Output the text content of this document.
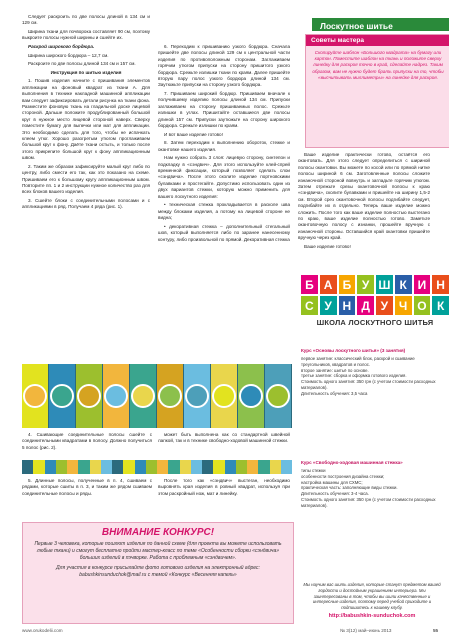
Лоскутное шитье

Следует раскроить по две полосы длиной в 134 см и 129 см.

Ширина ткани для почворока составляет 90 см, поэтому выкроите полосы нужной ширины и сшейте их.

Раскрой широкого бордюра.

Ширина широкого бордюра – 12,7 см.

Раскроите по две полосы длиной 134 см и 157 см.

Инструкция по шитью изделия

1. Пошив изделия начните с пришивания элементов аппликации на фоновый квадрат из ткани А. Для выполнения в технике накладной машинной аппликации вам следует зафиксировать детали рисунка на ткани фона. Разместите фоновую ткань на гладильной доске лицевой стороной. Дальше положите продублированный большой круг в нужное место лицевой стороной наверх. Сверху поместите бумагу для выпечки или мат для аппликации. Это необходимо сделать для того, чтобы не испачкать клеем утюг. Хорошо разогретым утюгом проглаживаем большой круг к фону. Даёте ткани остыть, и только после этого прикрепите большой круг к фону аппликационным швом.

2. Таким же образом зафиксируйте малый круг либо по центру, либо смести его так, как это показано на схеме. Пришиваем его к большому кругу аппликационным швом. Повторите пп. 1 и 2 инструкции нужное количество раз для всех блоков вашего изделия.

3. Сшейте блоки с соединительными полосами и с аппликациями в ряд. Получаем 4 ряда (рис. 1).

6. Переходим к пришиванию узкого бордюра. Сначала пришейте две полосы длиной 129 см к центральной части изделия по противоположным сторонам. Заглаживаем горячим утюгом припуски на сторону пришитого узкого бордюра. Срежьте излишки ткани по краям. Далее пришейте вторую пару полос узкого бордюра длиной 134 см. Заутюжьте припуски на сторону узкого бордюра.

7. Пришиваем широкий бордюр. Пришиваем вначале к получившему изделию полосы длиной 134 см. Припуски заглаживаем на сторону пришиваемых полос. Срежьте излишки в углах. Пришитайте оставшиеся две полосы длиной 157 см. Припуски заутюжьте на сторону широкого бордюра. Срежьте излишки по краям.

И вот ваше изделие готово!

8. Затем переходим к выполнению обороток, стежке и окантовке нашего изделия.

Нам нужно собрать 3 слоя: лицевую сторону, синтепон и подкладку в «сэндвич». Для этого используйте клей-спрей временной фиксации, который позволяет сделать слои «сэндвича». После этого сколите изделие портновскими булавками и простегайте. Допустимо использовать один из двух вариантов стежки, которую можно применить для вашего лоскутного изделия:

• техническая стежка прокладывается в расколе шва между блоками изделия, а потому на лицевой стороне не видна;

• декоративная стежка – дополнительный стегальный шов, который выполняется либо по заранее нанесенному контуру, либо произвольной по прямой. Декоративная стежка

Советы мастера
Скопируйте шаблон «Большого квадрата» на бумагу или картон. Поместите шаблон на ткань и положите сверху линейку для раскроя точно в край, сделайте надрез. Таким образом, вам не нужно будет брать припуски на то, чтобы «высчитывать миллиметры» на линейке для раскроя.

Ваше изделие практически готово, остаётся его окантовать. Для этого следует определиться с шириной полосы окантовки. Вы можете по косой или по прямой нитке полосы шириной 6 см. Заготовленные полосы сложите изнаночной стороной вовнутрь и загладьте горячим утюгом. Затем отрежьте срезы окантовочной полосы к краю «сэндвича», сколите булавками и пришейте на ширину 1,5-2 см. Второй срез окантовочной полосы подгибайте следует, подгибайте их в отдельно. Теперь ваше изделие можно сложить. После того как ваше изделие полностью выстегано по краю, ваше изделие полностью готово. Заметьте окантовочную полосу с изнанки, прошейте вручную с изнаночной стороны. Оставшийся край окантовки пришейте вручную через край.

Ваше изделие готово!

4. Сшивающие соединительные полосы сшейте с соединительными квадратами в полосу. Должно получиться 5 полос (рис. 2).

может быть выполнена как со стандартной швейной лапкой, так и в технике свободно-ходовой машинной стежки.

5. Длинные полосы, полученные в п. 4, сшиваем с рядами, которые сшиты в п. 3, и таким же рядом сшиваем соединительные полосы и ряды.

После того как «сэндвич» выстеган, необходимо выровнять края изделия в ровный квадрат, используя при этом раскройный нож, мат и линейку.

ВНИМАНИЕ КОНКУРС!
Первые 3 человека, которые пошлют изделия по данной схеме (для проекта вы можете использовать любые ткани) и смогут бесплатно пройти мастер-класс по теме «Особенности сборки «сэндвича» больших изделий в пэчворке. Работа с проблемным «сэндвичем».
Для участия в конкурсе присылайте фото готового изделия на электронный адрес: babushkinsunduchok@mail.ru с темой «Конкурс «Весенняя капель»
Б А Б У Ш К И Н
С У Н Д У Ч О К
ШКОЛА ЛОСКУТНОГО ШИТЬЯ
Курс «Основы лоскутного шитья» (3 занятия)
первое занятие: классический блок, раскрой и сшивание треугольников, квадратов и полос.
второе занятие: шитьё по основе.
третье занятие: сборка и оформка готового изделия.
Стоимость одного занятия: 350 грн (с учетом стоимости расходных материалов).
Длительность обучения: 3,5 часа
Курс «Свободно-ходовая машинная стежка»
типы стежки
особенности построения дизайна стежки;
настройка машины для СХМС;
практическая часть: заполняющие виды стежки.
Длительность обучения: 3-4 часа.
Стоимость одного занятия: 350 грн (с учетом стоимости расходных материалов).
Мы научим вас шить изделия, которые станут предметом вашей гордости и достойным украшением интерьера. Мы заинтересованы в том, чтобы вы шили качественные и интересные изделия, поэтому перед учебой приходите и подпишитесь к нашему клубу.
http://babushkin-sunduchok.com
www.orukodelii.com	№ 3(12) май–июнь 2013	55
